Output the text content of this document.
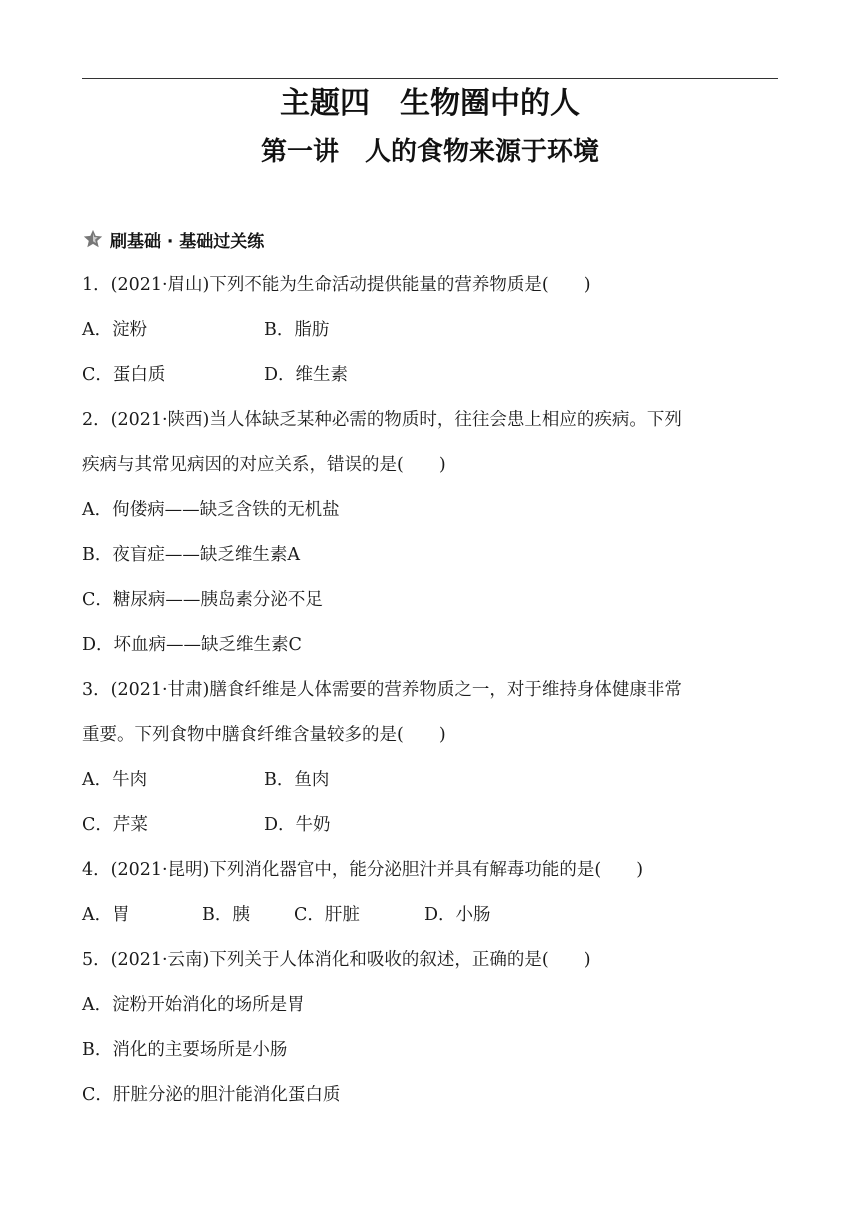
主题四　生物圈中的人
第一讲　人的食物来源于环境
刷基础 · 基础过关练
1．(2021·眉山)下列不能为生命活动提供能量的营养物质是(　　)
A．淀粉	B．脂肪
C．蛋白质	D．维生素
2．(2021·陕西)当人体缺乏某种必需的物质时，往往会患上相应的疾病。下列
疾病与其常见病因的对应关系，错误的是(　　)
A．佝偻病——缺乏含铁的无机盐
B．夜盲症——缺乏维生素A
C．糖尿病——胰岛素分泌不足
D．坏血病——缺乏维生素C
3．(2021·甘肃)膳食纤维是人体需要的营养物质之一，对于维持身体健康非常
重要。下列食物中膳食纤维含量较多的是(　　)
A．牛肉	B．鱼肉
C．芹菜	D．牛奶
4．(2021·昆明)下列消化器官中，能分泌胆汁并具有解毒功能的是(　　)
A．胃	B．胰	C．肝脏	D．小肠
5．(2021·云南)下列关于人体消化和吸收的叙述，正确的是(　　)
A．淀粉开始消化的场所是胃
B．消化的主要场所是小肠
C．肝脏分泌的胆汁能消化蛋白质
